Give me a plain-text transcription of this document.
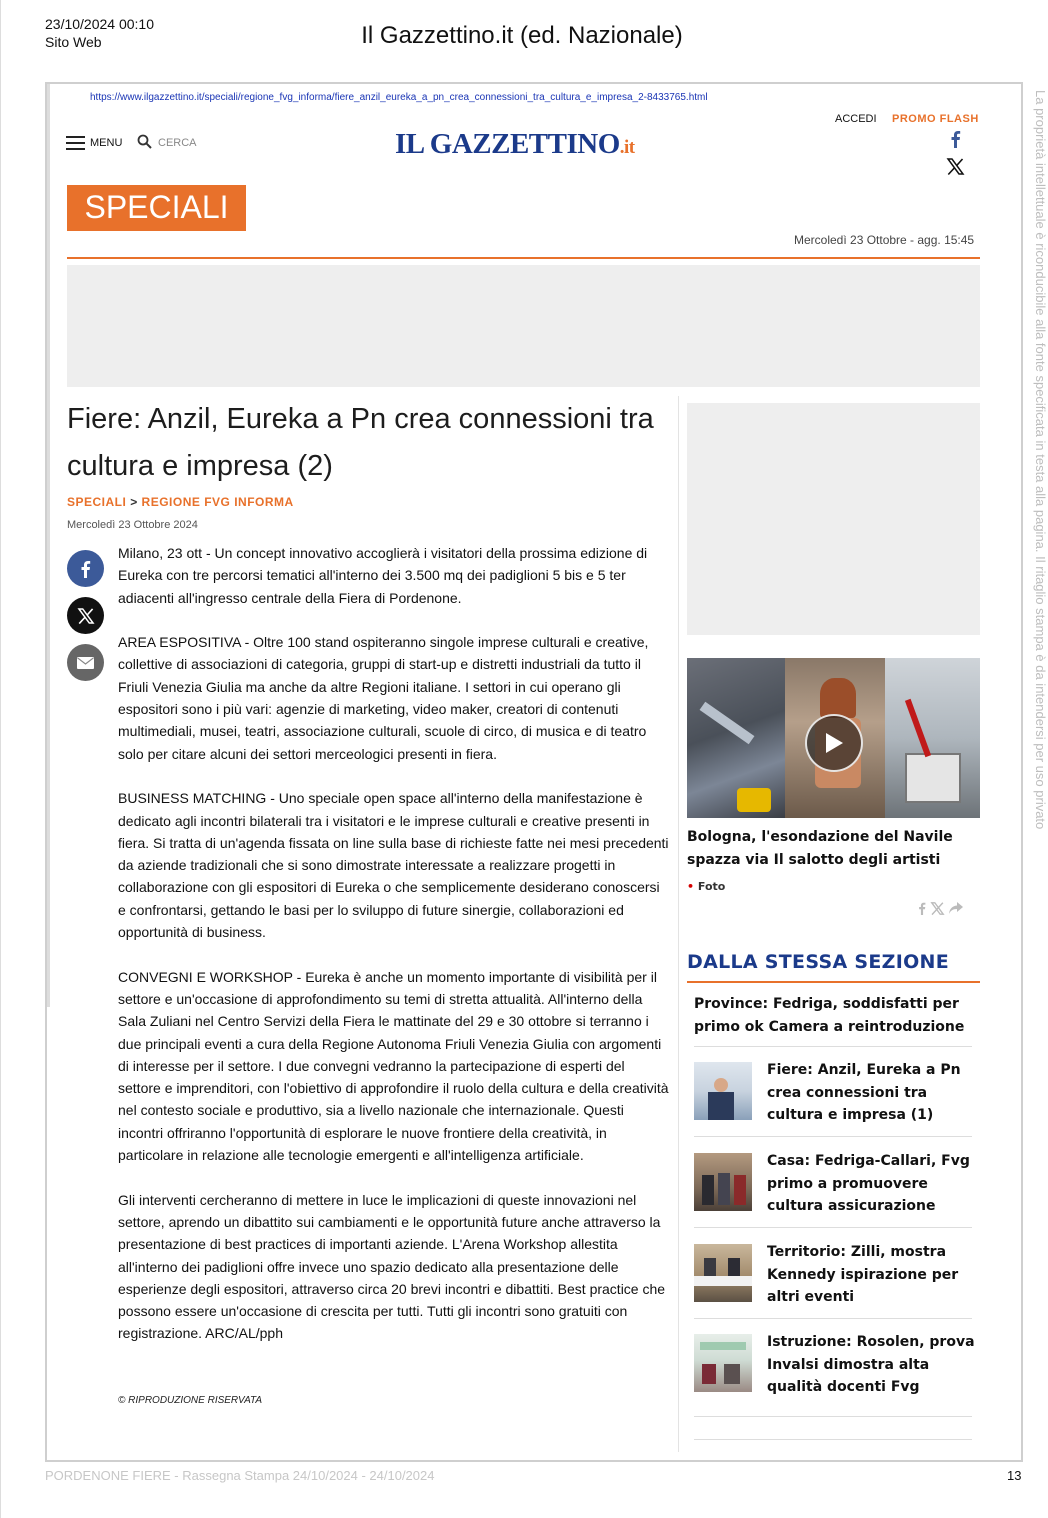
23/10/2024 00:10
Sito Web	Il Gazzettino.it (ed. Nazionale)
La proprietà intellettuale è riconducibile alla fonte specificata in testa alla pagina. Il ritaglio stampa è da intendersi per uso privato
https://www.ilgazzettino.it/speciali/regione_fvg_informa/fiere_anzil_eureka_a_pn_crea_connessioni_tra_cultura_e_impresa_2-8433765.html
MENU	CERCA	IL GAZZETTINO.it
ACCEDI PROMO FLASH
SPECIALI
Mercoledì 23 Ottobre - agg. 15:45
Fiere: Anzil, Eureka a Pn crea connessioni tra cultura e impresa (2)
SPECIALI > REGIONE FVG INFORMA
Mercoledì 23 Ottobre 2024

Milano, 23 ott - Un concept innovativo accoglierà i visitatori della prossima edizione di Eureka con tre percorsi tematici all'interno dei 3.500 mq dei padiglioni 5 bis e 5 ter adiacenti all'ingresso centrale della Fiera di Pordenone.

AREA ESPOSITIVA - Oltre 100 stand ospiteranno singole imprese culturali e creative, collettive di associazioni di categoria, gruppi di start-up e distretti industriali da tutto il Friuli Venezia Giulia ma anche da altre Regioni italiane. I settori in cui operano gli espositori sono i più vari: agenzie di marketing, video maker, creatori di contenuti multimediali, musei, teatri, associazione culturali, scuole di circo, di musica e di teatro solo per citare alcuni dei settori merceologici presenti in fiera.

BUSINESS MATCHING - Uno speciale open space all'interno della manifestazione è dedicato agli incontri bilaterali tra i visitatori e le imprese culturali e creative presenti in fiera. Si tratta di un'agenda fissata on line sulla base di richieste fatte nei mesi precedenti da aziende tradizionali che si sono dimostrate interessate a realizzare progetti in collaborazione con gli espositori di Eureka o che semplicemente desiderano conoscersi e confrontarsi, gettando le basi per lo sviluppo di future sinergie, collaborazioni ed opportunità di business.

CONVEGNI E WORKSHOP - Eureka è anche un momento importante di visibilità per il settore e un'occasione di approfondimento su temi di stretta attualità. All'interno della Sala Zuliani nel Centro Servizi della Fiera le mattinate del 29 e 30 ottobre si terranno i due principali eventi a cura della Regione Autonoma Friuli Venezia Giulia con argomenti di interesse per il settore. I due convegni vedranno la partecipazione di esperti del settore e imprenditori, con l'obiettivo di approfondire il ruolo della cultura e della creatività nel contesto sociale e produttivo, sia a livello nazionale che internazionale. Questi incontri offriranno l'opportunità di esplorare le nuove frontiere della creatività, in particolare in relazione alle tecnologie emergenti e all'intelligenza artificiale.

Gli interventi cercheranno di mettere in luce le implicazioni di queste innovazioni nel settore, aprendo un dibattito sui cambiamenti e le opportunità future anche attraverso la presentazione di best practices di importanti aziende. L'Arena Workshop allestita all'interno dei padiglioni offre invece uno spazio dedicato alla presentazione delle esperienze degli espositori, attraverso circa 20 brevi incontri e dibattiti. Best practice che possono essere un'occasione di crescita per tutti. Tutti gli incontri sono gratuiti con registrazione. ARC/AL/pph

© RIPRODUZIONE RISERVATA
Bologna, l'esondazione del Navile spazza via Il salotto degli artisti
• Foto
DALLA STESSA SEZIONE
Province: Fedriga, soddisfatti per primo ok Camera a reintroduzione
Fiere: Anzil, Eureka a Pn crea connessioni tra cultura e impresa (1)
Casa: Fedriga-Callari, Fvg primo a promuovere cultura assicurazione
Territorio: Zilli, mostra Kennedy ispirazione per altri eventi
Istruzione: Rosolen, prova Invalsi dimostra alta qualità docenti Fvg
PORDENONE FIERE - Rassegna Stampa 24/10/2024 - 24/10/2024	13
